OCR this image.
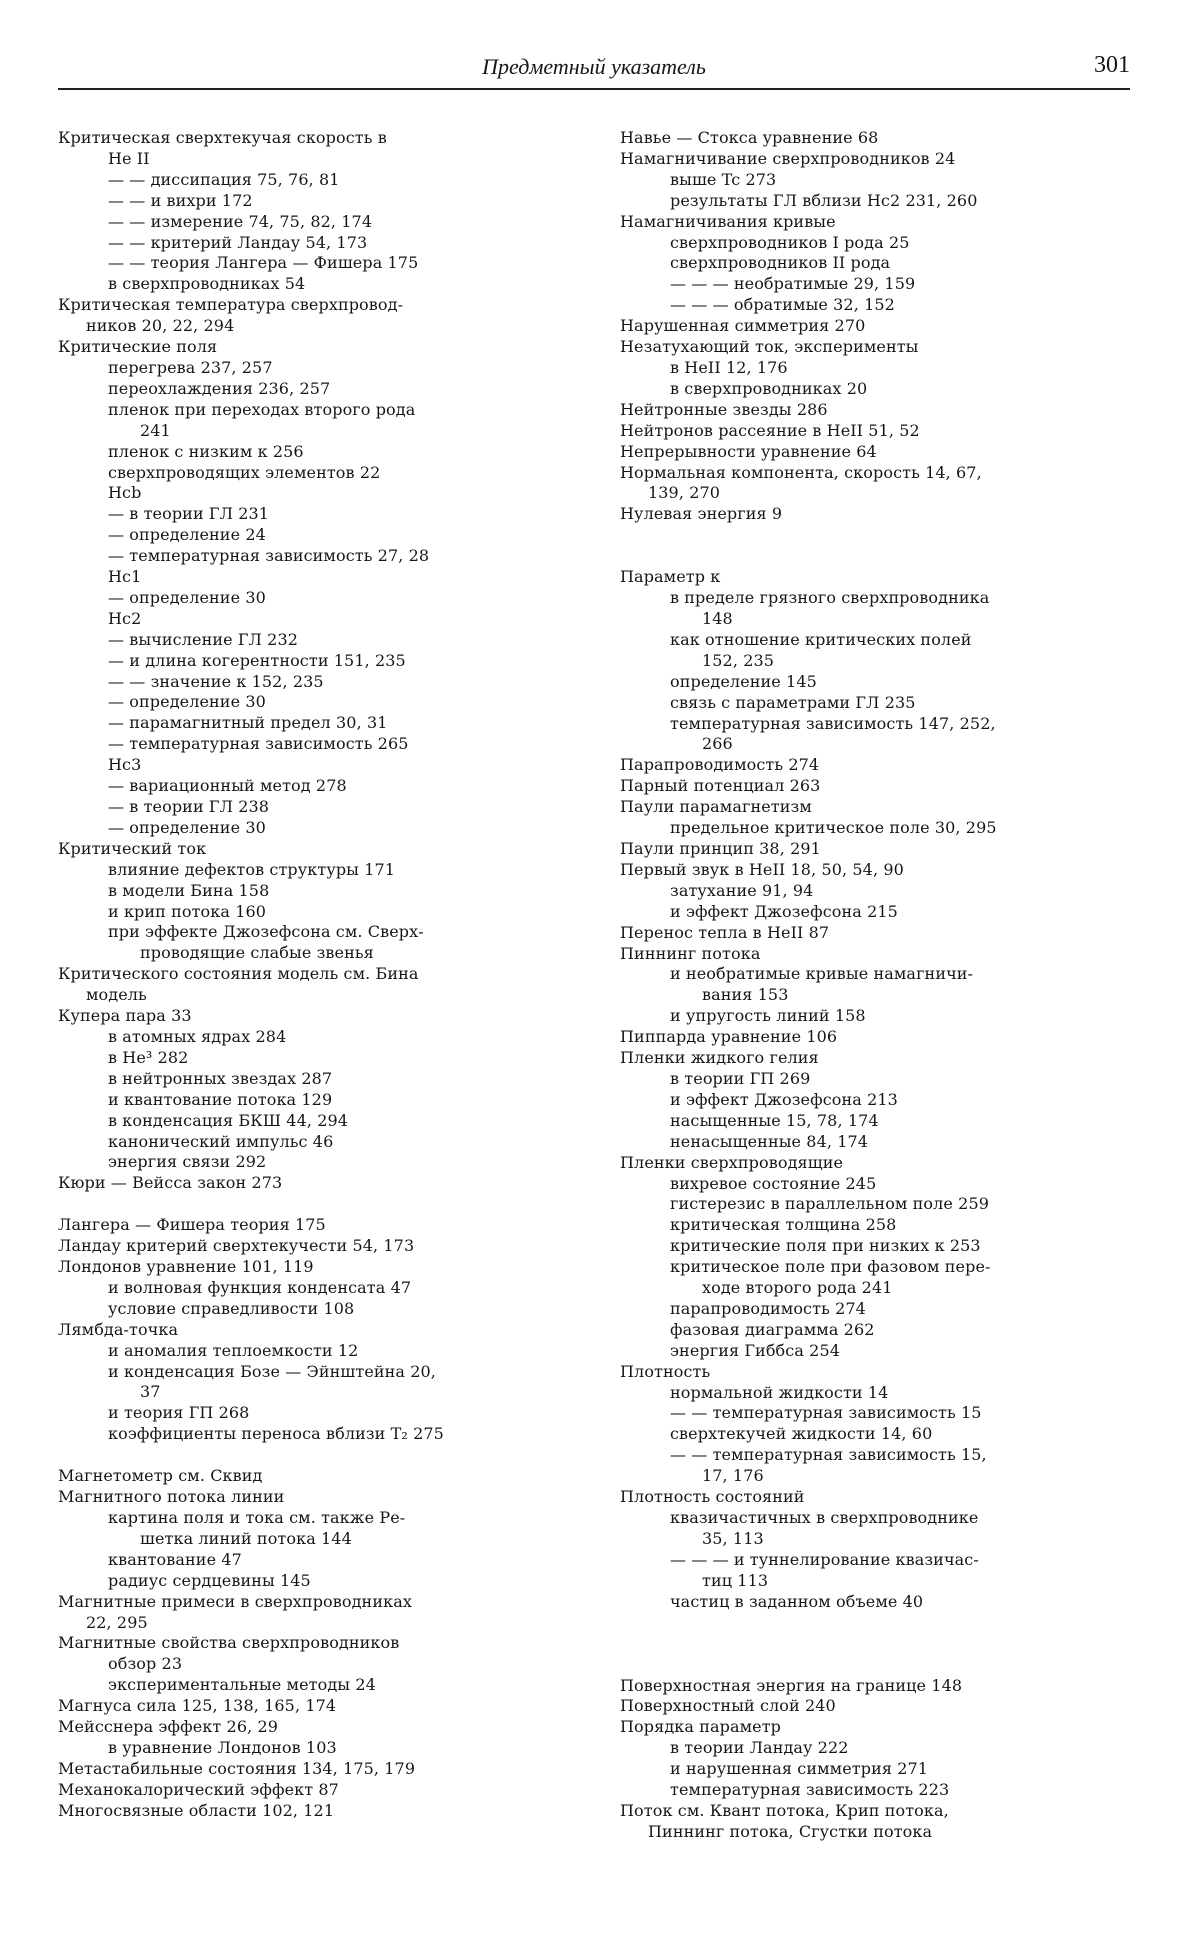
Предметный указатель	301
Критическая сверхтекучая скорость в
He II
— — диссипация 75, 76, 81
— — и вихри 172
— — измерение 74, 75, 82, 174
— — критерий Ландау 54, 173
— — теория Лангера — Фишера 175
в сверхпроводниках 54
Критическая температура сверхпровод-
ников 20, 22, 294
Критические поля
перегрева 237, 257
переохлаждения 236, 257
пленок при переходах второго рода
241
пленок с низким κ 256
сверхпроводящих элементов 22
Hcb
— в теории ГЛ 231
— определение 24
— температурная зависимость 27, 28
Hc1
— определение 30
Hc2
— вычисление ГЛ 232
— и длина когерентности 151, 235
— — значение κ 152, 235
— определение 30
— парамагнитный предел 30, 31
— температурная зависимость 265
Hc3
— вариационный метод 278
— в теории ГЛ 238
— определение 30
Критический ток
влияние дефектов структуры 171
в модели Бина 158
и крип потока 160
при эффекте Джозефсона см. Сверх-
проводящие слабые звенья
Критического состояния модель см. Бина
модель
Купера пара 33
в атомных ядрах 284
в He³ 282
в нейтронных звездах 287
и квантование потока 129
в конденсация БКШ 44, 294
канонический импульс 46
энергия связи 292
Кюри — Вейсса закон 273
Лангера — Фишера теория 175
Ландау критерий сверхтекучести 54, 173
Лондонов уравнение 101, 119
и волновая функция конденсата 47
условие справедливости 108
Лямбда-точка
и аномалия теплоемкости 12
и конденсация Бозе — Эйнштейна 20,
37
и теория ГП 268
коэффициенты переноса вблизи T₂ 275
Магнетометр см. Сквид
Магнитного потока линии
картина поля и тока см. также Ре-
шетка линий потока 144
квантование 47
радиус сердцевины 145
Магнитные примеси в сверхпроводниках
22, 295
Магнитные свойства сверхпроводников
обзор 23
экспериментальные методы 24
Магнуса сила 125, 138, 165, 174
Мейсснера эффект 26, 29
в уравнение Лондонов 103
Метастабильные состояния 134, 175, 179
Механокалорический эффект 87
Многосвязные области 102, 121
Навье — Стокса уравнение 68
Намагничивание сверхпроводников 24
выше Tc 273
результаты ГЛ вблизи Hc2 231, 260
Намагничивания кривые
сверхпроводников I рода 25
сверхпроводников II рода
— — — необратимые 29, 159
— — — обратимые 32, 152
Нарушенная симметрия 270
Незатухающий ток, эксперименты
в HeII 12, 176
в сверхпроводниках 20
Нейтронные звезды 286
Нейтронов рассеяние в HeII 51, 52
Непрерывности уравнение 64
Нормальная компонента, скорость 14, 67,
139, 270
Нулевая энергия 9
Параметр κ
в пределе грязного сверхпроводника
148
как отношение критических полей
152, 235
определение 145
связь с параметрами ГЛ 235
температурная зависимость 147, 252,
266
Парапроводимость 274
Парный потенциал 263
Паули парамагнетизм
предельное критическое поле 30, 295
Паули принцип 38, 291
Первый звук в HeII 18, 50, 54, 90
затухание 91, 94
и эффект Джозефсона 215
Перенос тепла в HeII 87
Пиннинг потока
и необратимые кривые намагничи-
вания 153
и упругость линий 158
Пиппарда уравнение 106
Пленки жидкого гелия
в теории ГП 269
и эффект Джозефсона 213
насыщенные 15, 78, 174
ненасыщенные 84, 174
Пленки сверхпроводящие
вихревое состояние 245
гистерезис в параллельном поле 259
критическая толщина 258
критические поля при низких κ 253
критическое поле при фазовом пере-
ходе второго рода 241
парапроводимость 274
фазовая диаграмма 262
энергия Гиббса 254
Плотность
нормальной жидкости 14
— — температурная зависимость 15
сверхтекучей жидкости 14, 60
— — температурная зависимость 15,
17, 176
Плотность состояний
квазичастичных в сверхпроводнике
35, 113
— — — и туннелирование квазичас-
тиц 113
частиц в заданном объеме 40
Поверхностная энергия на границе 148
Поверхностный слой 240
Порядка параметр
в теории Ландау 222
и нарушенная симметрия 271
температурная зависимость 223
Поток см. Квант потока, Крип потока,
Пиннинг потока, Сгустки потока
